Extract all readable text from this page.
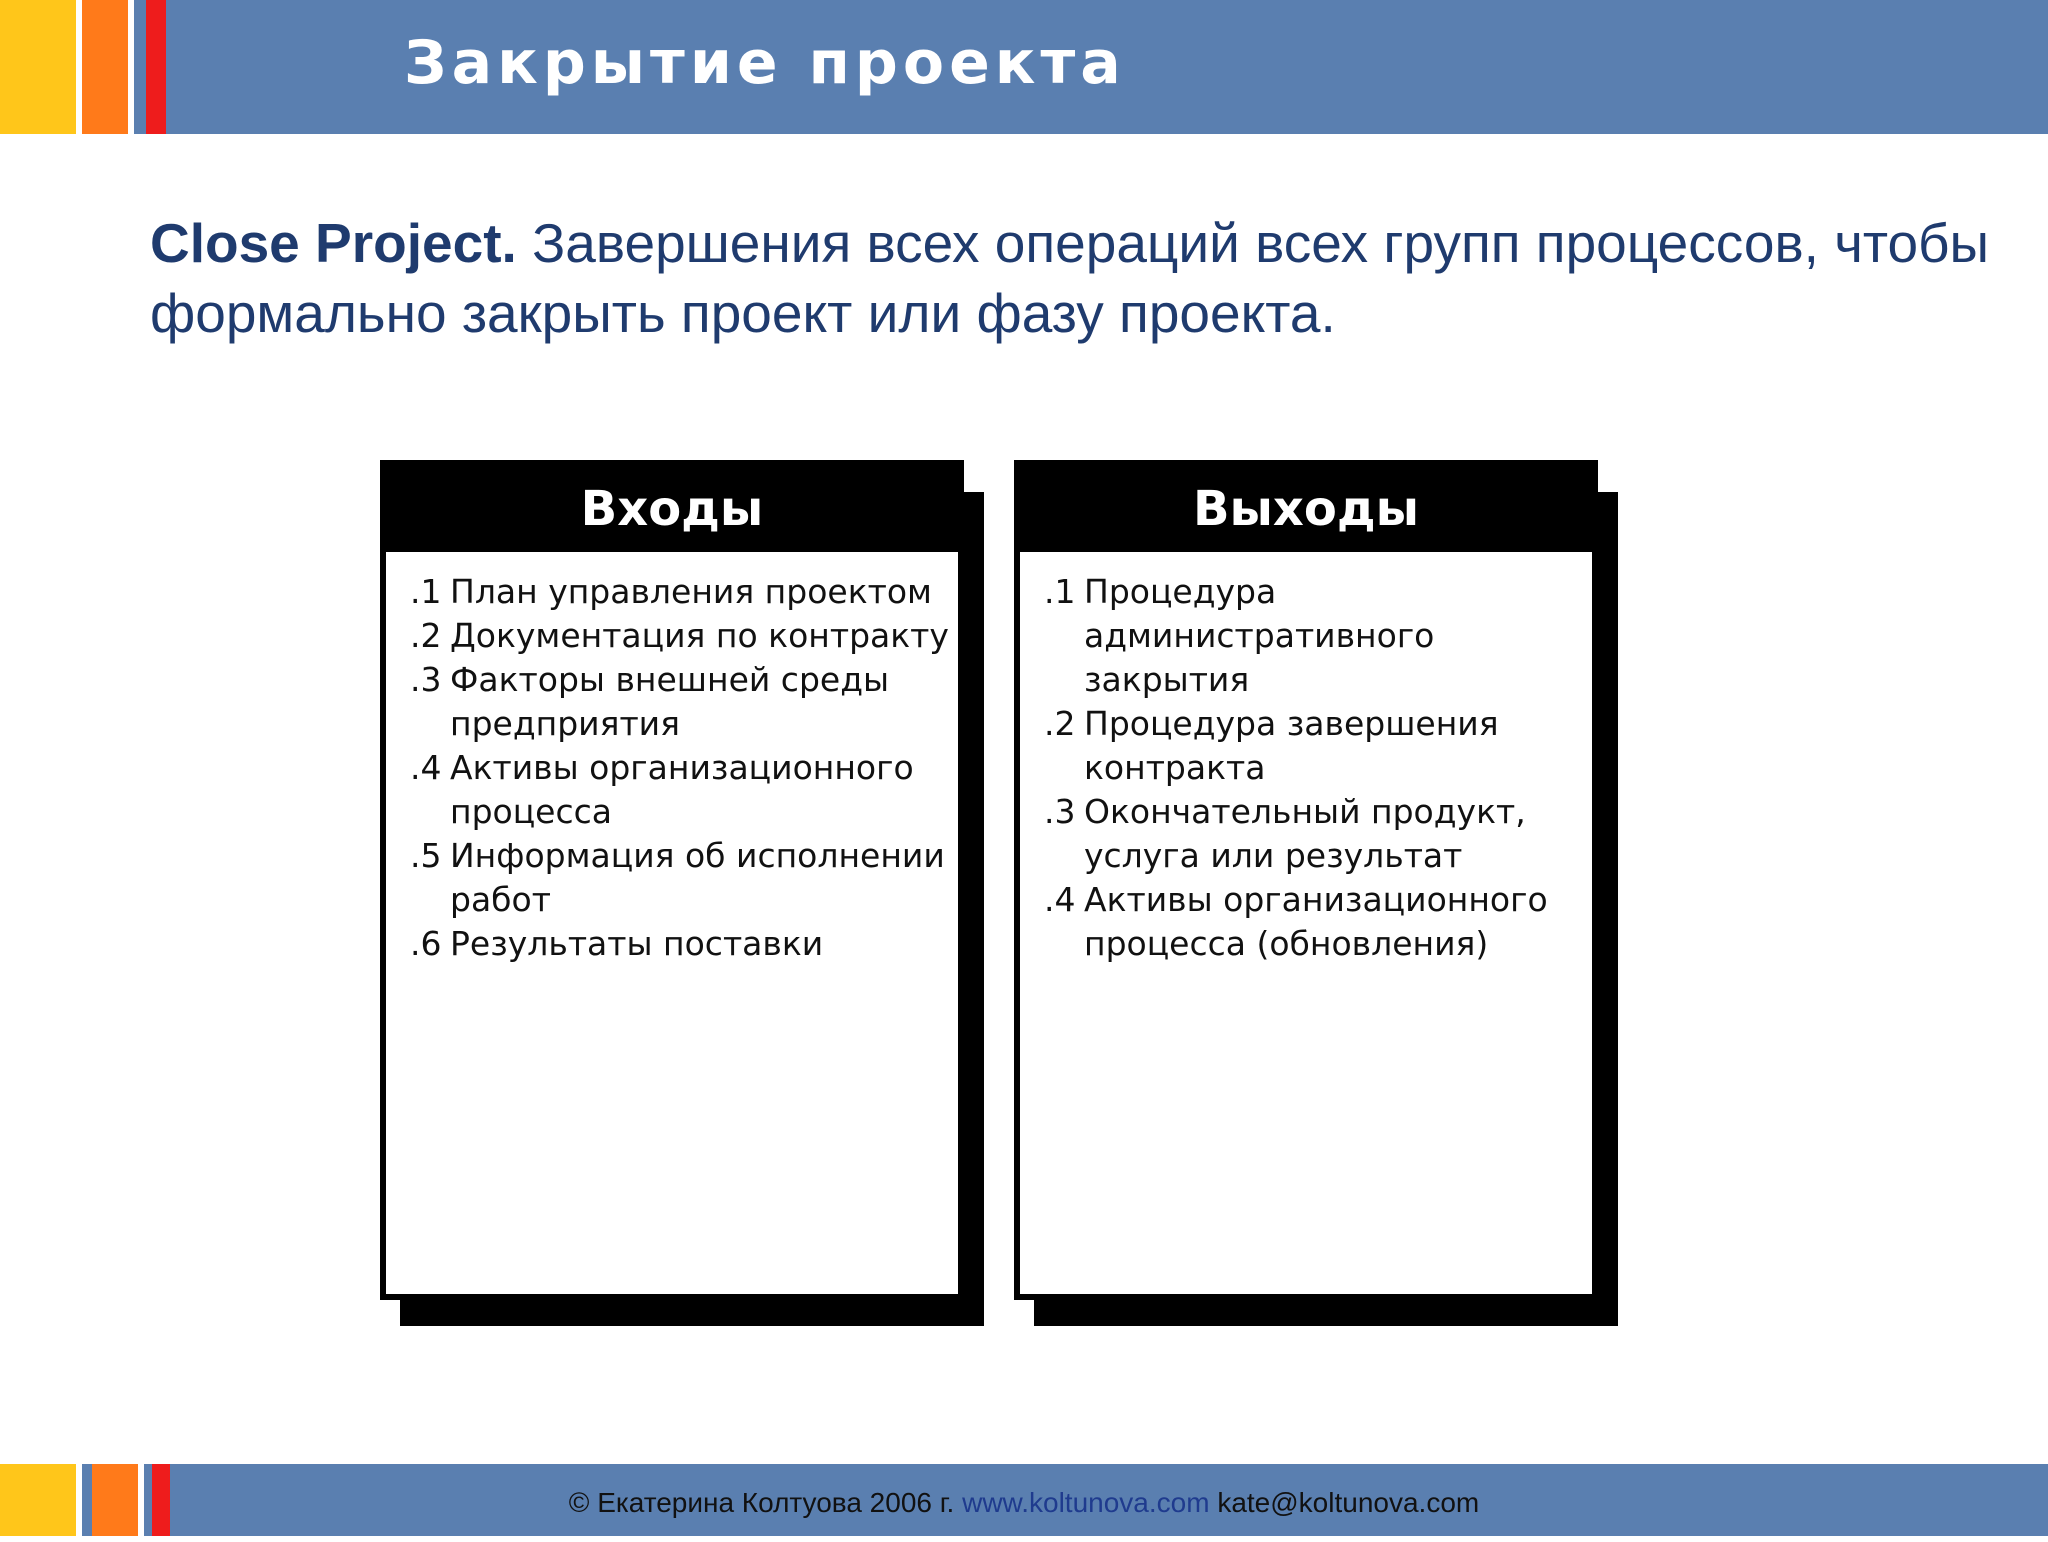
Закрытие проекта
Close Project. Завершения всех операций всех групп процессов, чтобы формально закрыть проект или фазу проекта.
Входы
.1 План управления проектом
.2 Документация по контракту
.3 Факторы внешней среды предприятия
.4 Активы организационного процесса
.5 Информация об исполнении работ
.6 Результаты поставки
Выходы
.1 Процедура административного закрытия
.2 Процедура завершения контракта
.3 Окончательный продукт, услуга или результат
.4 Активы организационного процесса (обновления)
© Екатерина Колтуова 2006 г. www.koltunova.com kate@koltunova.com
